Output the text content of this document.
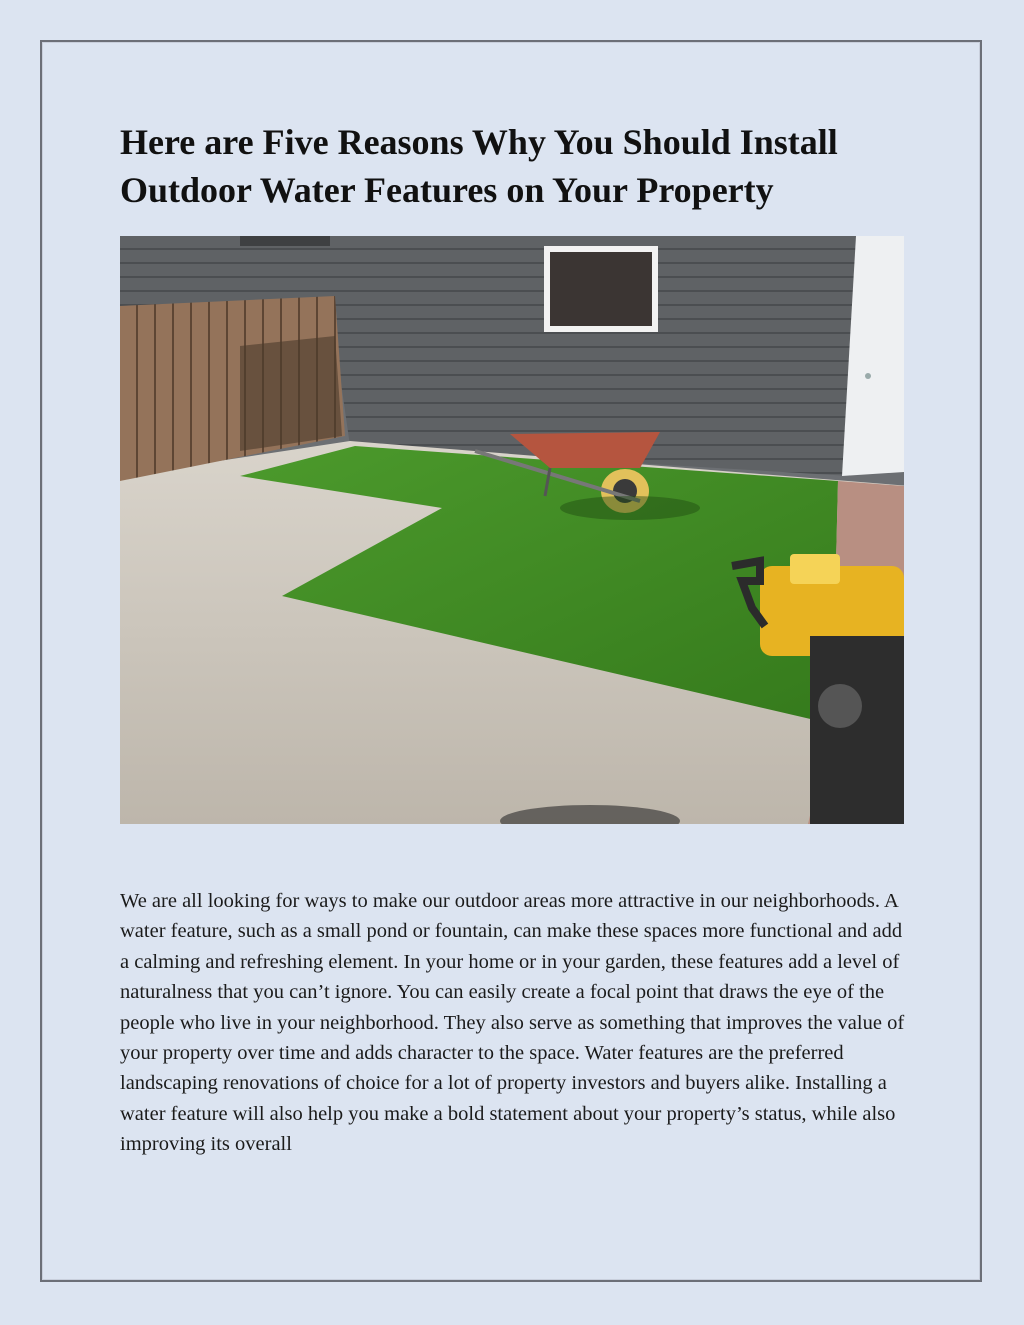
Here are Five Reasons Why You Should Install Outdoor Water Features on Your Property

We are all looking for ways to make our outdoor areas more attractive in our neighborhoods. A water feature, such as a small pond or fountain, can make these spaces more functional and add a calming and refreshing element. In your home or in your garden, these features add a level of naturalness that you can’t ignore. You can easily create a focal point that draws the eye of the people who live in your neighborhood. They also serve as something that improves the value of your property over time and adds character to the space. Water features are the preferred landscaping renovations of choice for a lot of property investors and buyers alike. Installing a water feature will also help you make a bold statement about your property’s status, while also improving its overall
